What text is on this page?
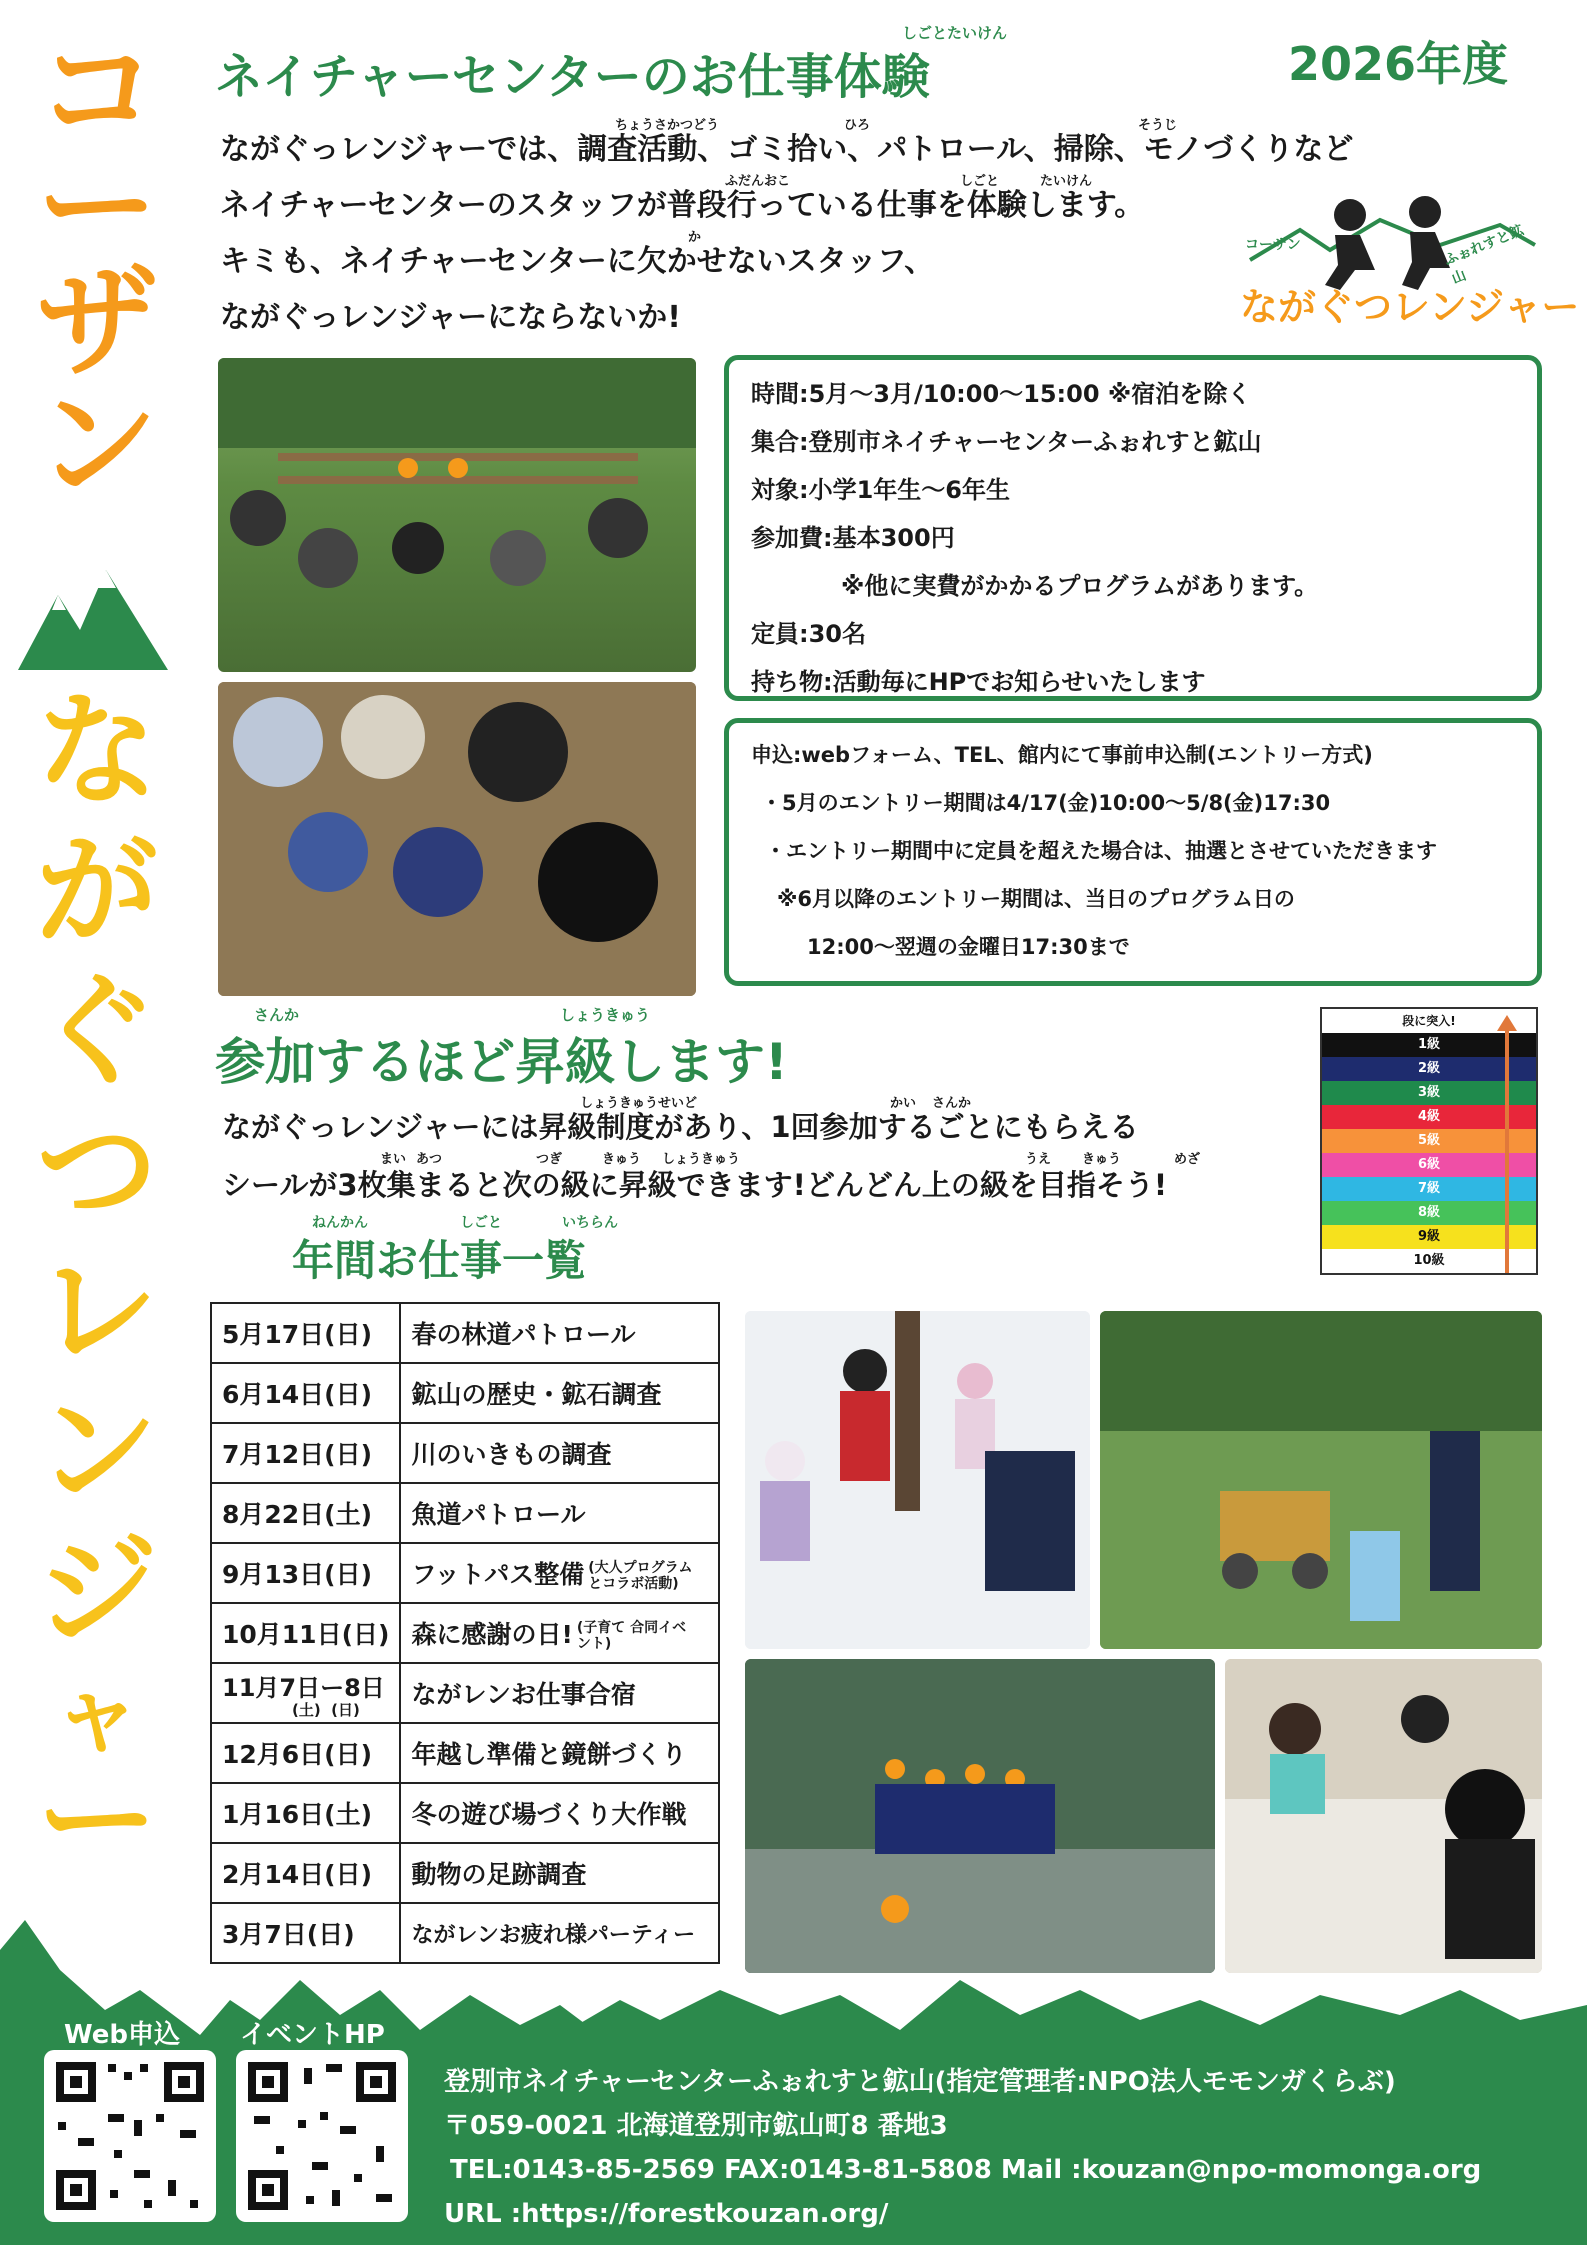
コ
ー
ザ
ン
な
が
ぐ
つ
レ
ン
ジ
ャ
ー
しごとたいけん
ネイチャーセンターのお仕事体験	2026年度
ちょうさかつどう	ひろ	そうじ
ふだんおこ	しごと	たいけん
か
ながぐっレンジャーでは、調査活動、ゴミ拾い、パトロール、掃除、モノづくりなど
ネイチャーセンターのスタッフが普段行っている仕事を体験します。
キミも、ネイチャーセンターに欠かせないスタッフ、
ながぐっレンジャーにならないか!
コーザン	ふぉれすと鉱山
ながぐつレンジャー
時間:5月〜3月/10:00〜15:00 ※宿泊を除く
集合:登別市ネイチャーセンターふぉれすと鉱山
対象:小学1年生〜6年生
参加費:基本300円
※他に実費がかかるプログラムがあります。
定員:30名
持ち物:活動毎にHPでお知らせいたします
申込:webフォーム、TEL、館内にて事前申込制(エントリー方式)
・5月のエントリー期間は4/17(金)10:00〜5/8(金)17:30
・エントリー期間中に定員を超えた場合は、抽選とさせていただきます
※6月以降のエントリー期間は、当日のプログラム日の
12:00〜翌週の金曜日17:30まで
さんか	しょうきゅう
参加するほど昇級します!
しょうきゅうせいど	かい さんか
まい あつ	つぎ	きゅう しょうきゅう	うえ きゅう	めざ
ながぐっレンジャーには昇級制度があり、1回参加するごとにもらえる
シールが3枚集まると次の級に昇級できます!どんどん上の級を目指そう!
段に突入!
1級
2級
3級
4級
5級
6級
7級
8級
9級
10級
ねんかん	しごと	いちらん
年間お仕事一覧
5月17日(日)	春の林道パトロール
6月14日(日)	鉱山の歴史・鉱石調査
7月12日(日)	川のいきもの調査
8月22日(土)	魚道パトロール
9月13日(日)	フットパス整備 (大人プログラム とコラボ活動)
10月11日(日)	森に感謝の日! (子育て 合同イベント)
11月7日ー8日
(土)  (日)	ながレンお仕事合宿
12月6日(日)	年越し準備と鏡餅づくり
1月16日(土)	冬の遊び場づくり大作戦
2月14日(日)	動物の足跡調査
3月7日(日)	ながレンお疲れ様パーティー
Web申込 イベントHP
登別市ネイチャーセンターふぉれすと鉱山(指定管理者:NPO法人モモンガくらぶ)
〒059-0021 北海道登別市鉱山町8 番地3
TEL:0143-85-2569 FAX:0143-81-5808 Mail :kouzan@npo-momonga.org
URL :https://forestkouzan.org/
